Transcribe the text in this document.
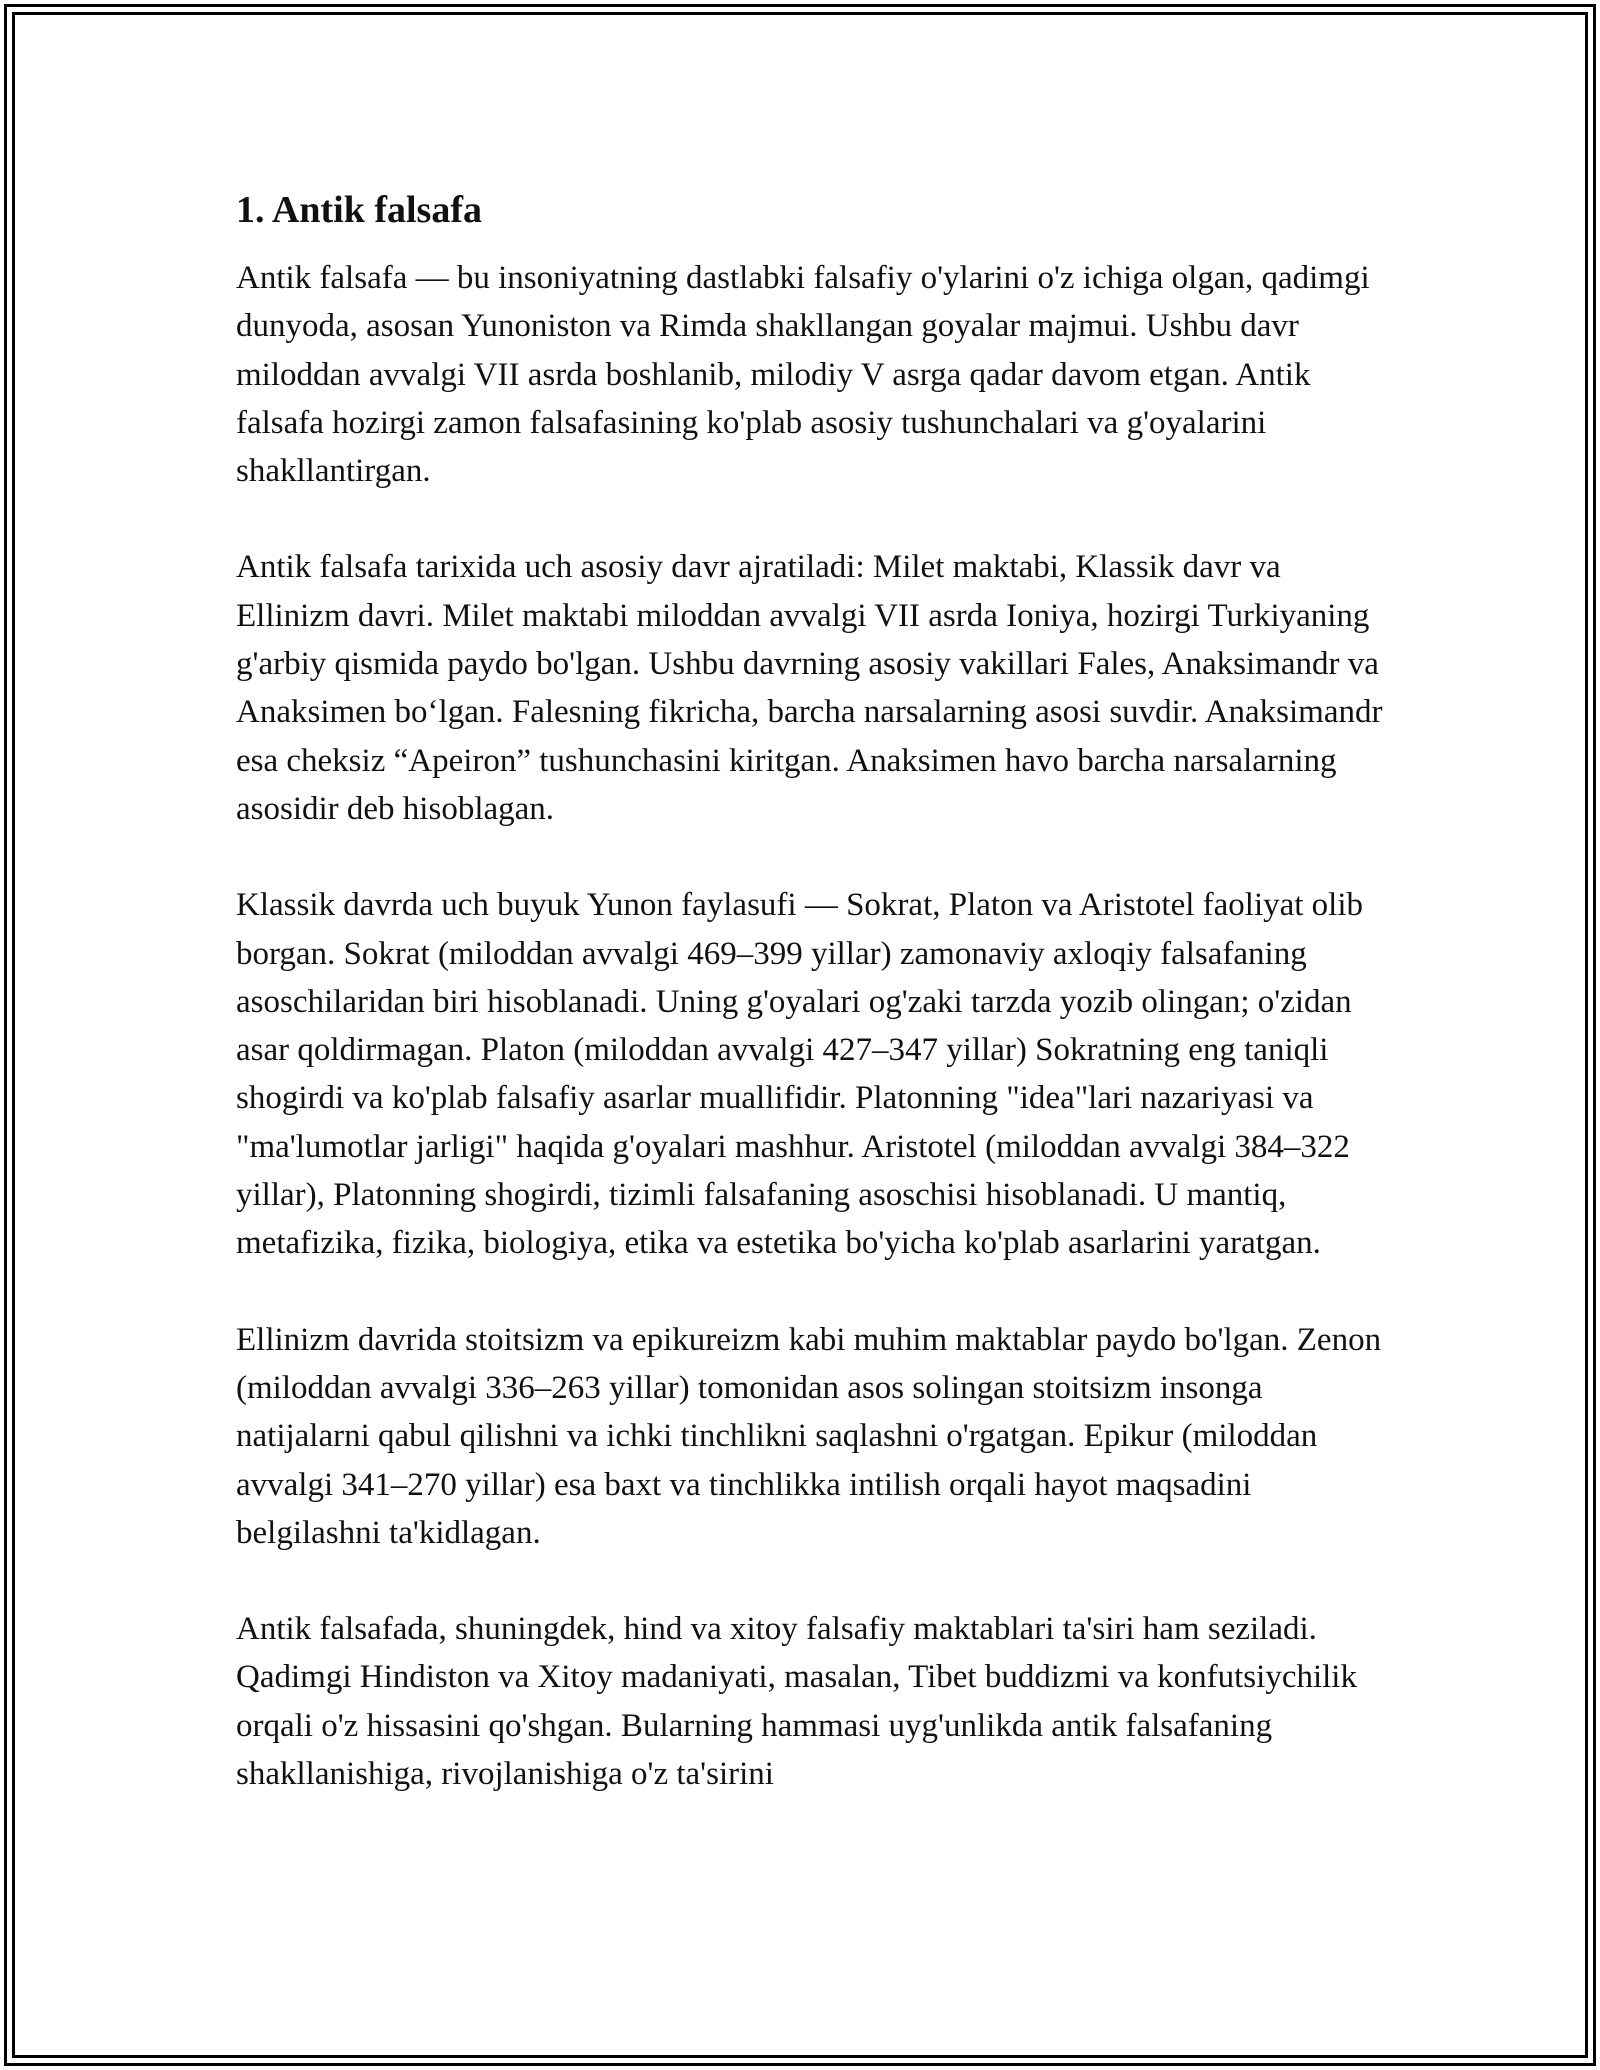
1. Antik falsafa

Antik falsafa — bu insoniyatning dastlabki falsafiy o'ylarini o'z ichiga olgan, qadimgi dunyoda, asosan Yunoniston va Rimda shakllangan goyalar majmui. Ushbu davr miloddan avvalgi VII asrda boshlanib, milodiy V asrga qadar davom etgan. Antik falsafa hozirgi zamon falsafasining ko'plab asosiy tushunchalari va g'oyalarini shakllantirgan.

Antik falsafa tarixida uch asosiy davr ajratiladi: Milet maktabi, Klassik davr va Ellinizm davri. Milet maktabi miloddan avvalgi VII asrda Ioniya, hozirgi Turkiyaning g'arbiy qismida paydo bo'lgan. Ushbu davrning asosiy vakillari Fales, Anaksimandr va Anaksimen bo‘lgan. Falesning fikricha, barcha narsalarning asosi suvdir. Anaksimandr esa cheksiz “Apeiron” tushunchasini kiritgan. Anaksimen havo barcha narsalarning asosidir deb hisoblagan.

Klassik davrda uch buyuk Yunon faylasufi — Sokrat, Platon va Aristotel faoliyat olib borgan. Sokrat (miloddan avvalgi 469–399 yillar) zamonaviy axloqiy falsafaning asoschilaridan biri hisoblanadi. Uning g'oyalari og'zaki tarzda yozib olingan; o'zidan asar qoldirmagan. Platon (miloddan avvalgi 427–347 yillar) Sokratning eng taniqli shogirdi va ko'plab falsafiy asarlar muallifidir. Platonning "idea"lari nazariyasi va "ma'lumotlar jarligi" haqida g'oyalari mashhur. Aristotel (miloddan avvalgi 384–322 yillar), Platonning shogirdi, tizimli falsafaning asoschisi hisoblanadi. U mantiq, metafizika, fizika, biologiya, etika va estetika bo'yicha ko'plab asarlarini yaratgan.

Ellinizm davrida stoitsizm va epikureizm kabi muhim maktablar paydo bo'lgan. Zenon (miloddan avvalgi 336–263 yillar) tomonidan asos solingan stoitsizm insonga natijalarni qabul qilishni va ichki tinchlikni saqlashni o'rgatgan. Epikur (miloddan avvalgi 341–270 yillar) esa baxt va tinchlikka intilish orqali hayot maqsadini belgilashni ta'kidlagan.

Antik falsafada, shuningdek, hind va xitoy falsafiy maktablari ta'siri ham seziladi. Qadimgi Hindiston va Xitoy madaniyati, masalan, Tibet buddizmi va konfutsiychilik orqali o'z hissasini qo'shgan. Bularning hammasi uyg'unlikda antik falsafaning shakllanishiga, rivojlanishiga o'z ta'sirini
